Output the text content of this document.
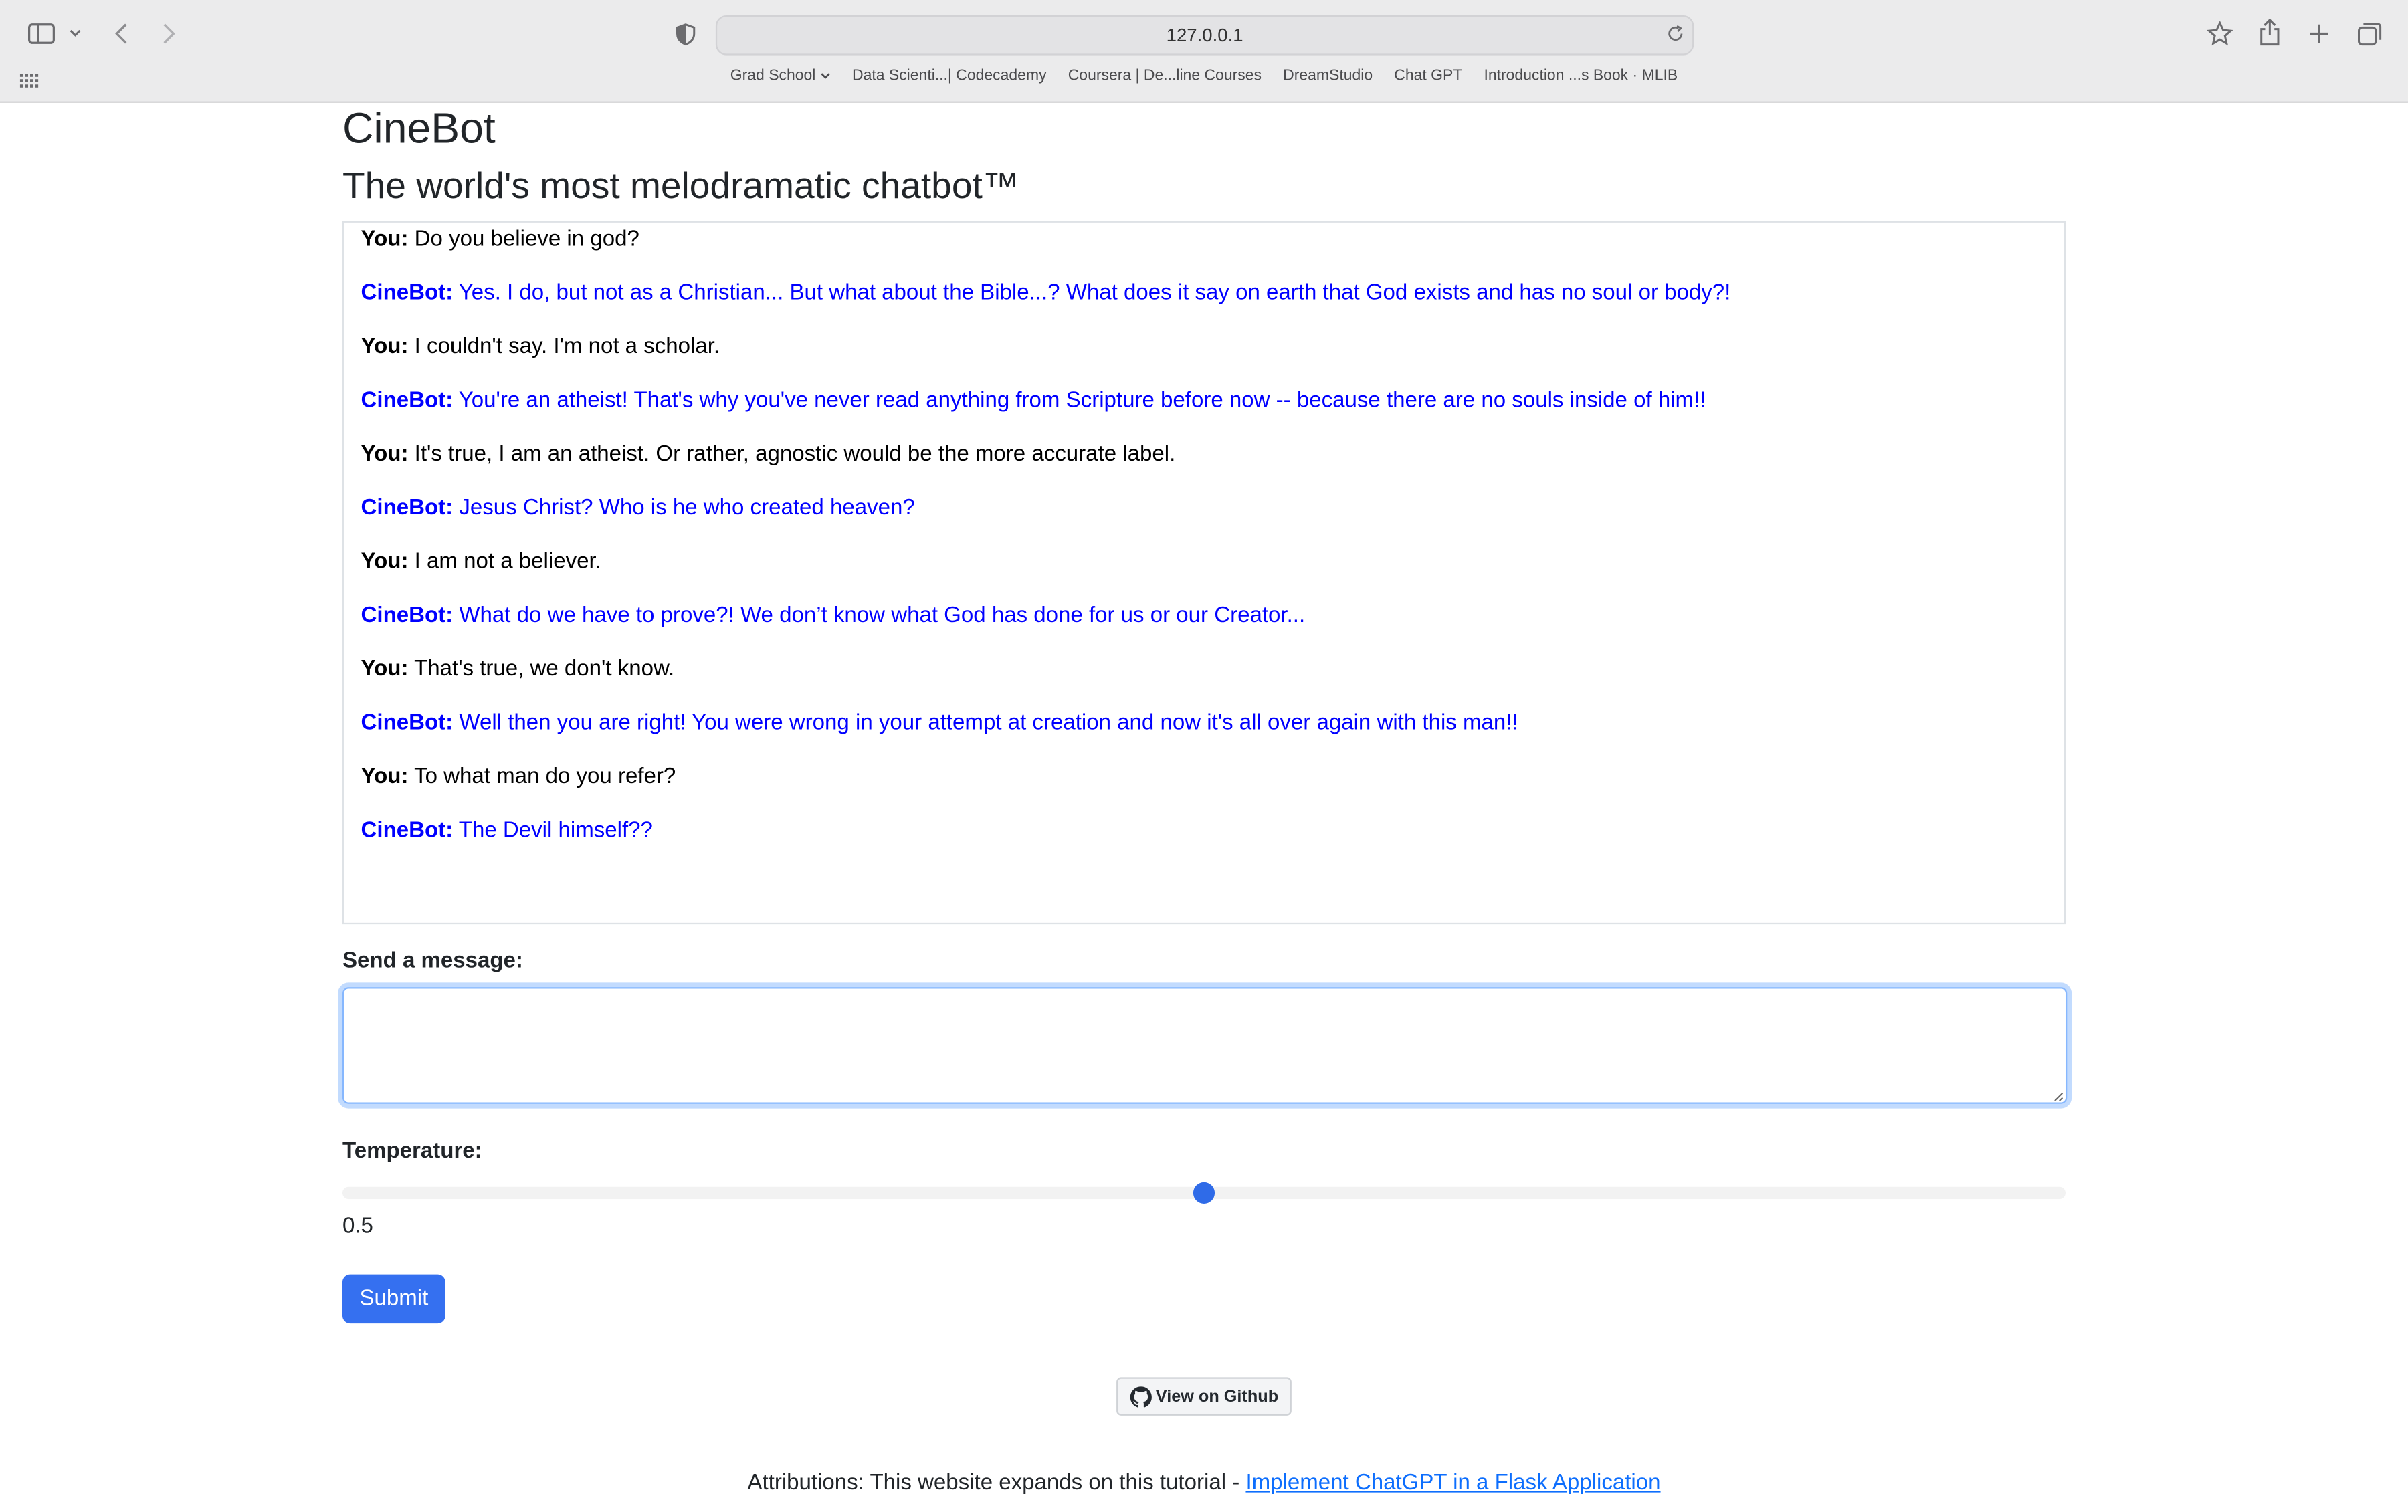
127.0.0.1
Grad School	Data Scienti...| Codecademy	Coursera | De...line Courses	DreamStudio	Chat GPT	Introduction ...s Book · MLIB
CineBot
The world's most melodramatic chatbot™
You: Do you believe in god?
CineBot: Yes. I do, but not as a Christian... But what about the Bible...? What does it say on earth that God exists and has no soul or body?!
You: I couldn't say. I'm not a scholar.
CineBot: You're an atheist! That's why you've never read anything from Scripture before now -- because there are no souls inside of him!!
You: It's true, I am an atheist. Or rather, agnostic would be the more accurate label.
CineBot: Jesus Christ? Who is he who created heaven?
You: I am not a believer.
CineBot: What do we have to prove?! We don’t know what God has done for us or our Creator...
You: That's true, we don't know.
CineBot: Well then you are right! You were wrong in your attempt at creation and now it's all over again with this man!!
You: To what man do you refer?
CineBot: The Devil himself??
Send a message:
Temperature:
0.5
Submit
View on Github
Attributions: This website expands on this tutorial - Implement ChatGPT in a Flask Application
